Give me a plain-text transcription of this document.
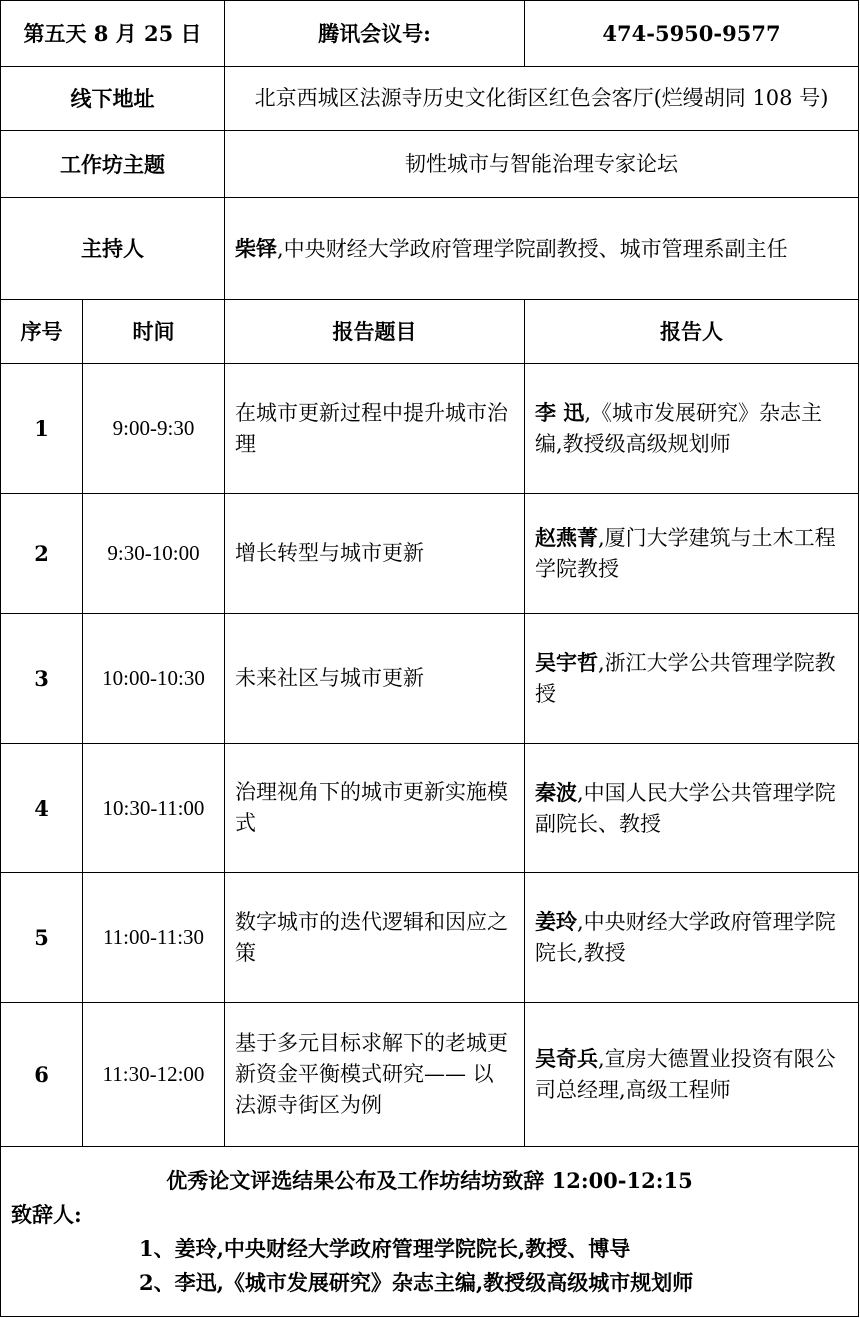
第五天 8 月 25 日		腾讯会议号:	474-5950-9577
线下地址		北京西城区法源寺历史文化街区红色会客厅(烂缦胡同 108 号)	
工作坊主题		韧性城市与智能治理专家论坛	
主持人		柴铎,中央财经大学政府管理学院副教授、城市管理系副主任	
序号	时间	报告题目	报告人
1	9:00-9:30	在城市更新过程中提升城市治理	李 迅,《城市发展研究》杂志主编,教授级高级规划师
2	9:30-10:00	增长转型与城市更新	赵燕菁,厦门大学建筑与土木工程学院教授
3	10:00-10:30	未来社区与城市更新	吴宇哲,浙江大学公共管理学院教授
4	10:30-11:00	治理视角下的城市更新实施模式	秦波,中国人民大学公共管理学院副院长、教授
5	11:00-11:30	数字城市的迭代逻辑和因应之策	姜玲,中央财经大学政府管理学院院长,教授
6	11:30-12:00	基于多元目标求解下的老城更新资金平衡模式研究—— 以法源寺街区为例	吴奇兵,宣房大德置业投资有限公司总经理,高级工程师

优秀论文评选结果公布及工作坊结坊致辞 12:00-12:15
致辞人:
1、姜玲,中央财经大学政府管理学院院长,教授、博导
2、李迅,《城市发展研究》杂志主编,教授级高级城市规划师			
